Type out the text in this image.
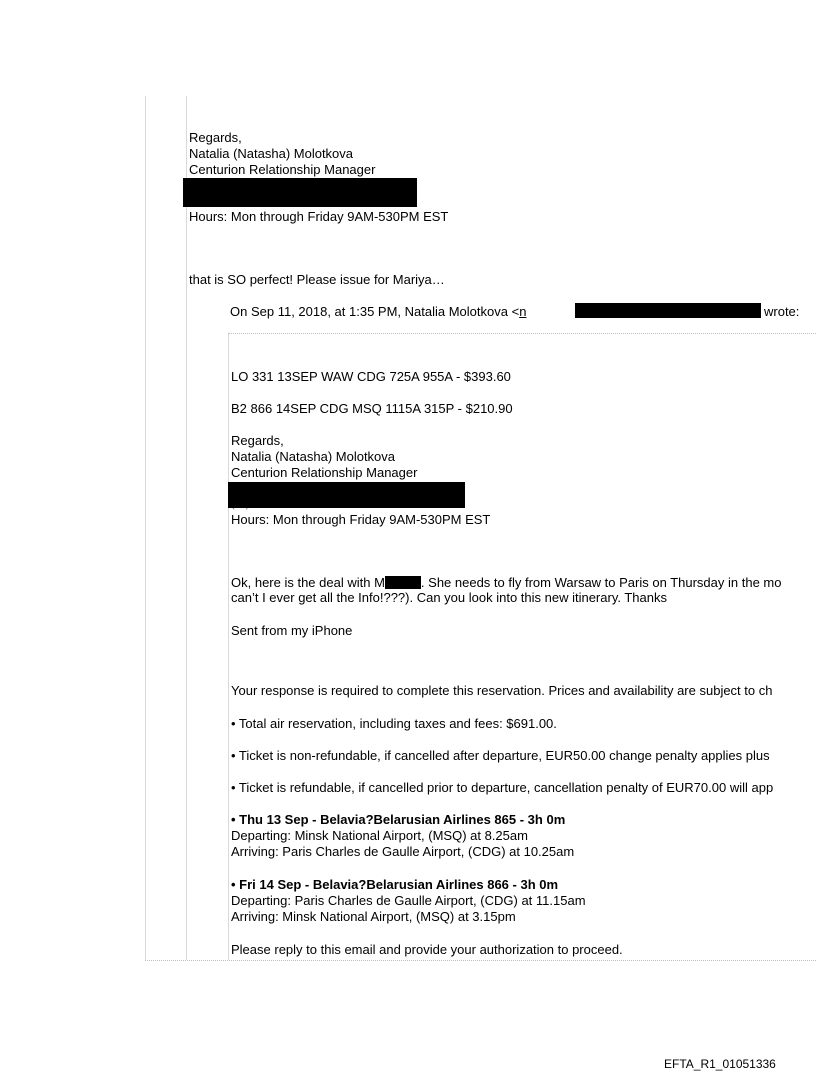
Regards,
Natalia (Natasha) Molotkova
Centurion Relationship Manager
Hours: Mon through Friday 9AM-530PM EST
that is SO perfect! Please issue for Mariya…
On Sep 11, 2018, at 1:35 PM, Natalia Molotkova <n	wrote:
LO 331 13SEP WAW CDG 725A 955A - $393.60
B2 866 14SEP CDG MSQ 1115A 315P - $210.90
Regards,
Natalia (Natasha) Molotkova
Centurion Relationship Manager
Hours: Mon through Friday 9AM-530PM EST
Ok, here is the deal with M	. She needs to fly from Warsaw to Paris on Thursday in the mo
can’t I ever get all the Info!???). Can you look into this new itinerary. Thanks
Sent from my iPhone
Your response is required to complete this reservation. Prices and availability are subject to ch
• Total air reservation, including taxes and fees: $691.00.
• Ticket is non-refundable, if cancelled after departure, EUR50.00 change penalty applies plus
• Ticket is refundable, if cancelled prior to departure, cancellation penalty of EUR70.00 will app
• Thu 13 Sep - Belavia?Belarusian Airlines 865 - 3h 0m
Departing: Minsk National Airport, (MSQ) at 8.25am
Arriving: Paris Charles de Gaulle Airport, (CDG) at 10.25am
• Fri 14 Sep - Belavia?Belarusian Airlines 866 - 3h 0m
Departing: Paris Charles de Gaulle Airport, (CDG) at 11.15am
Arriving: Minsk National Airport, (MSQ) at 3.15pm
Please reply to this email and provide your authorization to proceed.
EFTA_R1_01051336
